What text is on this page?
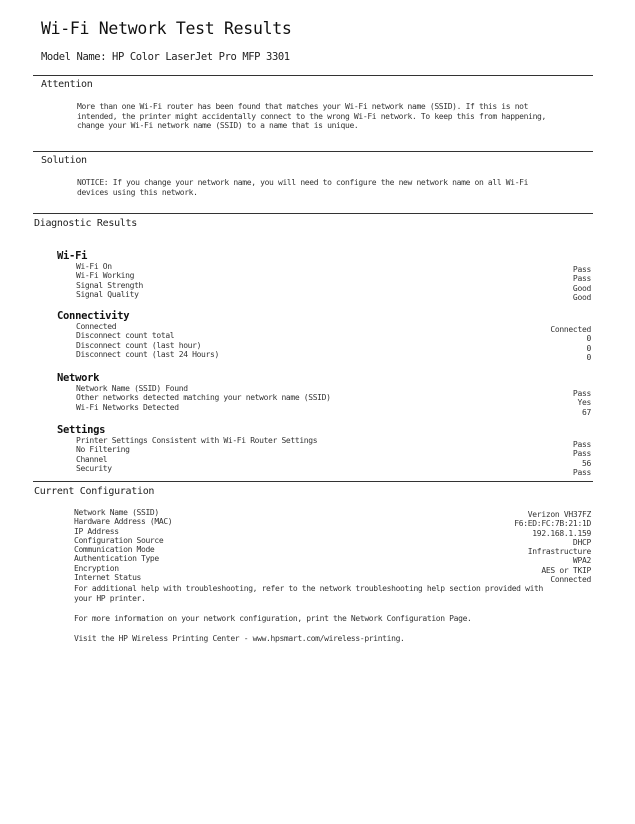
Wi-Fi Network Test Results
Model Name: HP Color LaserJet Pro MFP 3301
Attention
More than one Wi-Fi router has been found that matches your Wi-Fi network name (SSID). If this is not intended, the printer might accidentally connect to the wrong Wi-Fi network. To keep this from happening, change your Wi-Fi network name (SSID) to a name that is unique.
Solution
NOTICE: If you change your network name, you will need to configure the new network name on all Wi-Fi devices using this network.
Diagnostic Results
Wi-Fi
Wi-Fi On
Wi-Fi Working
Signal Strength
Signal Quality
Pass
Pass
Good
Good
Connectivity
Connected
Disconnect count total
Disconnect count (last hour)
Disconnect count (last 24 Hours)
Connected
0
0
0
Network
Network Name (SSID) Found
Other networks detected matching your network name (SSID)
Wi-Fi Networks Detected
Pass
Yes
67
Settings
Printer Settings Consistent with Wi-Fi Router Settings
No Filtering
Channel
Security
Pass
Pass
56
Pass
Current Configuration
Network Name (SSID)
Hardware Address (MAC)
IP Address
Configuration Source
Communication Mode
Authentication Type
Encryption
Internet Status
Verizon VH37FZ
F6:ED:FC:7B:21:1D
192.168.1.159
DHCP
Infrastructure
WPA2
AES or TKIP
Connected
For additional help with troubleshooting, refer to the network troubleshooting help section provided with your HP printer.
For more information on your network configuration, print the Network Configuration Page.
Visit the HP Wireless Printing Center - www.hpsmart.com/wireless-printing.
